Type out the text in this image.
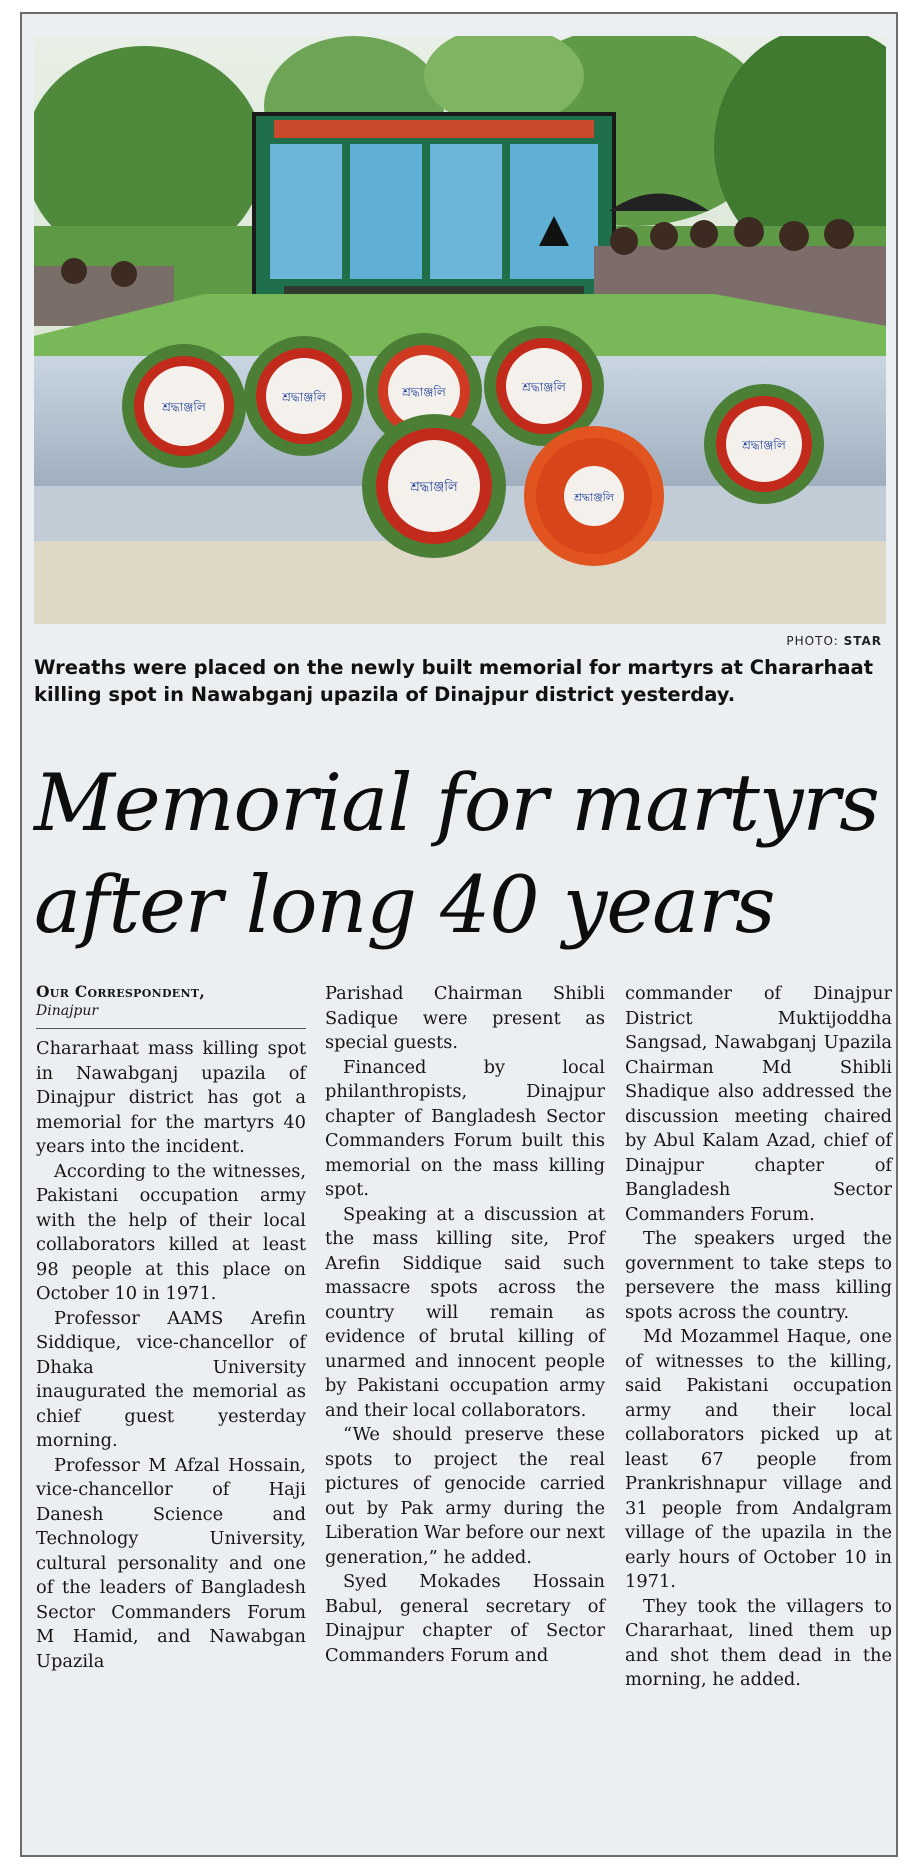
শ্রদ্ধাঞ্জলি
শ্রদ্ধাঞ্জলি	শ্রদ্ধাঞ্জলি	শ্রদ্ধাঞ্জলি
শ্রদ্ধাঞ্জলি
শ্রদ্ধাঞ্জলি
শ্রদ্ধাঞ্জলি
PHOTO: STAR
Wreaths were placed on the newly built memorial for martyrs at Chararhaat killing spot in Nawabganj upazila of Dinajpur district yesterday.
Memorial for martyrs
after long 40 years
Our Correspondent,
Dinajpur

Chararhaat mass killing spot in Nawabganj upazila of Dinajpur district has got a memorial for the martyrs 40 years into the incident.

According to the witnesses, Pakistani occupation army with the help of their local collaborators killed at least 98 people at this place on October 10 in 1971.

Professor AAMS Arefin Siddique, vice-chancellor of Dhaka University inaugurated the memorial as chief guest yesterday morning.

Professor M Afzal Hossain, vice-chancellor of Haji Danesh Science and Technology University, cultural personality and one of the leaders of Bangladesh Sector Commanders Forum M Hamid, and Nawabgan Upazila

Parishad Chairman Shibli Sadique were present as special guests.

Financed by local philanthropists, Dinajpur chapter of Bangladesh Sector Commanders Forum built this memorial on the mass killing spot.

Speaking at a discussion at the mass killing site, Prof Arefin Siddique said such massacre spots across the country will remain as evidence of brutal killing of unarmed and innocent people by Pakistani occupation army and their local collaborators.

“We should preserve these spots to project the real pictures of genocide carried out by Pak army during the Liberation War before our next generation,” he added.

Syed Mokades Hossain Babul, general secretary of Dinajpur chapter of Sector Commanders Forum and

commander of Dinajpur District Muktijoddha Sangsad, Nawabganj Upazila Chairman Md Shibli Shadique also addressed the discussion meeting chaired by Abul Kalam Azad, chief of Dinajpur chapter of Bangladesh Sector Commanders Forum.

The speakers urged the government to take steps to persevere the mass killing spots across the country.

Md Mozammel Haque, one of witnesses to the killing, said Pakistani occupation army and their local collaborators picked up at least 67 people from Prankrishnapur village and 31 people from Andalgram village of the upazila in the early hours of October 10 in 1971.

They took the villagers to Chararhaat, lined them up and shot them dead in the morning, he added.
